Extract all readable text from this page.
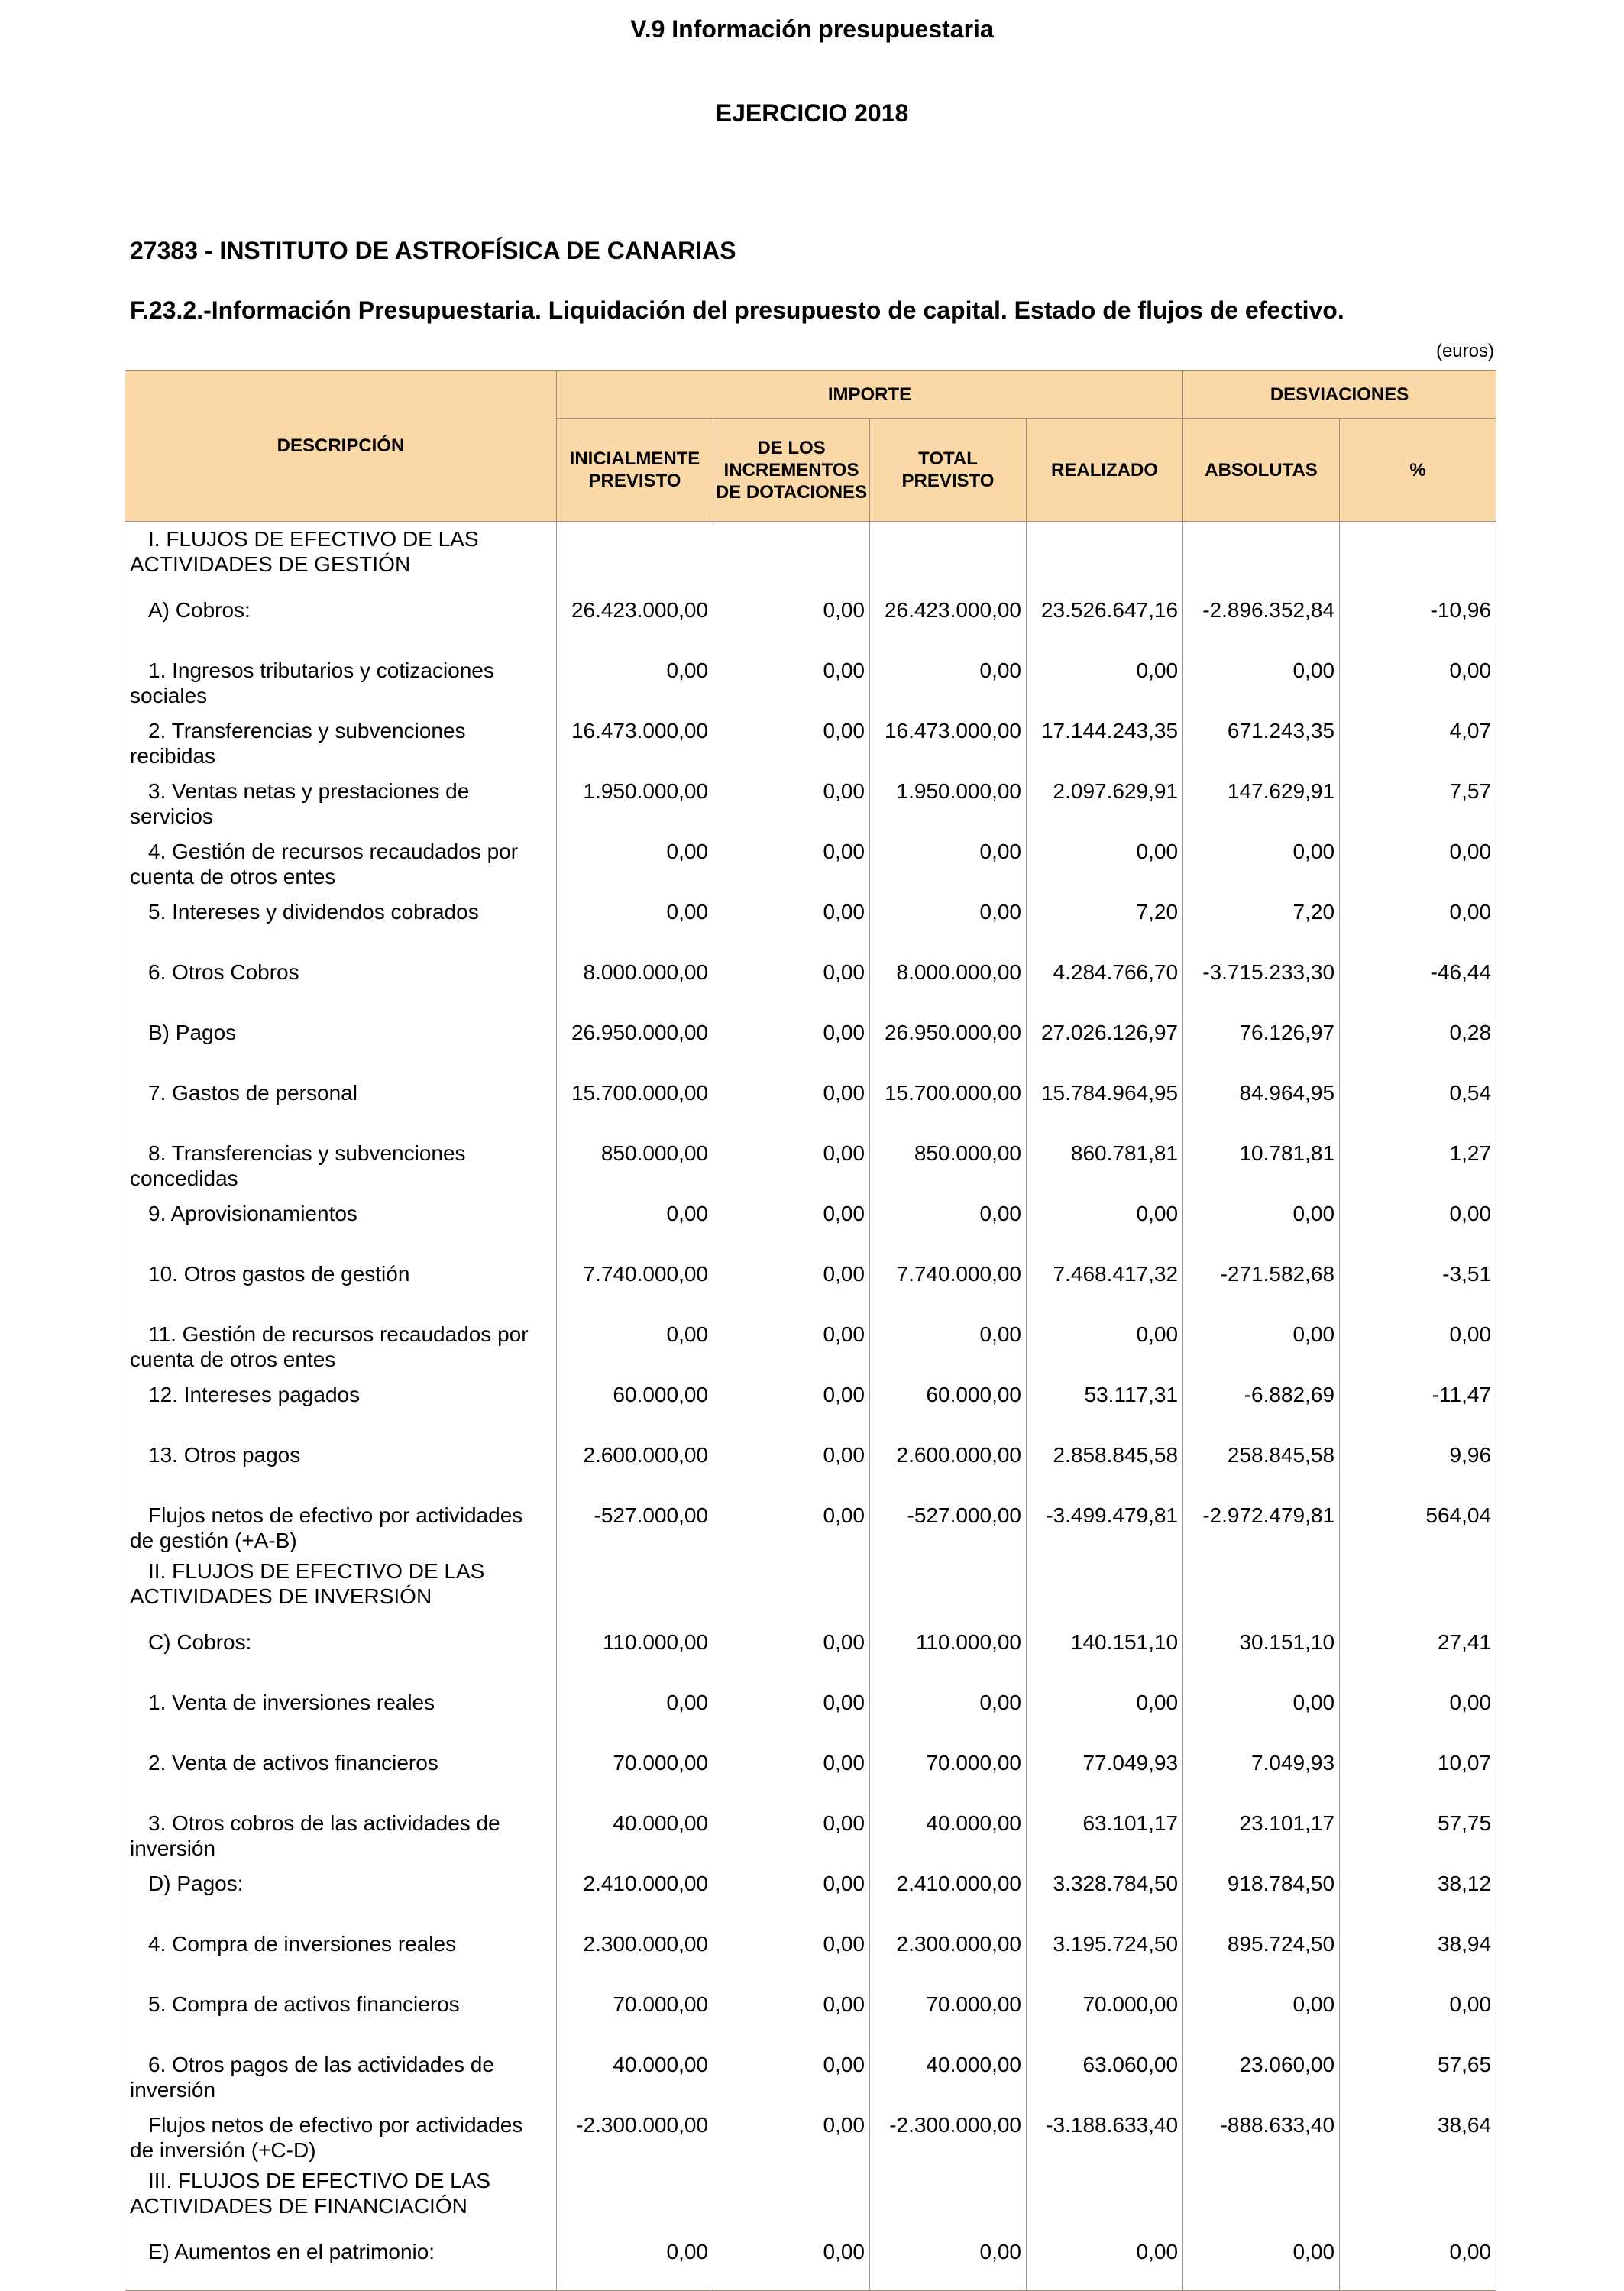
V.9 Información presupuestaria
EJERCICIO 2018
27383 - INSTITUTO DE ASTROFÍSICA DE CANARIAS
F.23.2.-Información Presupuestaria. Liquidación del presupuesto de capital. Estado de flujos de efectivo.
(euros)
DESCRIPCIÓN	IMPORTE				DESVIACIONES	
	INICIALMENTE PREVISTO	DE LOS INCREMENTOS DE DOTACIONES	TOTAL PREVISTO	REALIZADO	ABSOLUTAS	%
I. FLUJOS DE EFECTIVO DE LAS ACTIVIDADES DE GESTIÓN						
A) Cobros:	26.423.000,00	0,00	26.423.000,00	23.526.647,16	-2.896.352,84	-10,96
1. Ingresos tributarios y cotizaciones sociales	0,00	0,00	0,00	0,00	0,00	0,00
2. Transferencias y subvenciones recibidas	16.473.000,00	0,00	16.473.000,00	17.144.243,35	671.243,35	4,07
3. Ventas netas y prestaciones de servicios	1.950.000,00	0,00	1.950.000,00	2.097.629,91	147.629,91	7,57
4. Gestión de recursos recaudados por cuenta de otros entes	0,00	0,00	0,00	0,00	0,00	0,00
5. Intereses y dividendos cobrados	0,00	0,00	0,00	7,20	7,20	0,00
6. Otros Cobros	8.000.000,00	0,00	8.000.000,00	4.284.766,70	-3.715.233,30	-46,44
B) Pagos	26.950.000,00	0,00	26.950.000,00	27.026.126,97	76.126,97	0,28
7. Gastos de personal	15.700.000,00	0,00	15.700.000,00	15.784.964,95	84.964,95	0,54
8. Transferencias y subvenciones concedidas	850.000,00	0,00	850.000,00	860.781,81	10.781,81	1,27
9. Aprovisionamientos	0,00	0,00	0,00	0,00	0,00	0,00
10. Otros gastos de gestión	7.740.000,00	0,00	7.740.000,00	7.468.417,32	-271.582,68	-3,51
11. Gestión de recursos recaudados por cuenta de otros entes	0,00	0,00	0,00	0,00	0,00	0,00
12. Intereses pagados	60.000,00	0,00	60.000,00	53.117,31	-6.882,69	-11,47
13. Otros pagos	2.600.000,00	0,00	2.600.000,00	2.858.845,58	258.845,58	9,96
Flujos netos de efectivo por actividades de gestión (+A-B)	-527.000,00	0,00	-527.000,00	-3.499.479,81	-2.972.479,81	564,04
II. FLUJOS DE EFECTIVO DE LAS ACTIVIDADES DE INVERSIÓN						
C) Cobros:	110.000,00	0,00	110.000,00	140.151,10	30.151,10	27,41
1. Venta de inversiones reales	0,00	0,00	0,00	0,00	0,00	0,00
2. Venta de activos financieros	70.000,00	0,00	70.000,00	77.049,93	7.049,93	10,07
3. Otros cobros de las actividades de inversión	40.000,00	0,00	40.000,00	63.101,17	23.101,17	57,75
D) Pagos:	2.410.000,00	0,00	2.410.000,00	3.328.784,50	918.784,50	38,12
4. Compra de inversiones reales	2.300.000,00	0,00	2.300.000,00	3.195.724,50	895.724,50	38,94
5. Compra de activos financieros	70.000,00	0,00	70.000,00	70.000,00	0,00	0,00
6. Otros pagos de las actividades de inversión	40.000,00	0,00	40.000,00	63.060,00	23.060,00	57,65
Flujos netos de efectivo por actividades de inversión (+C-D)	-2.300.000,00	0,00	-2.300.000,00	-3.188.633,40	-888.633,40	38,64
III. FLUJOS DE EFECTIVO DE LAS ACTIVIDADES DE FINANCIACIÓN						
E) Aumentos en el patrimonio:	0,00	0,00	0,00	0,00	0,00	0,00
